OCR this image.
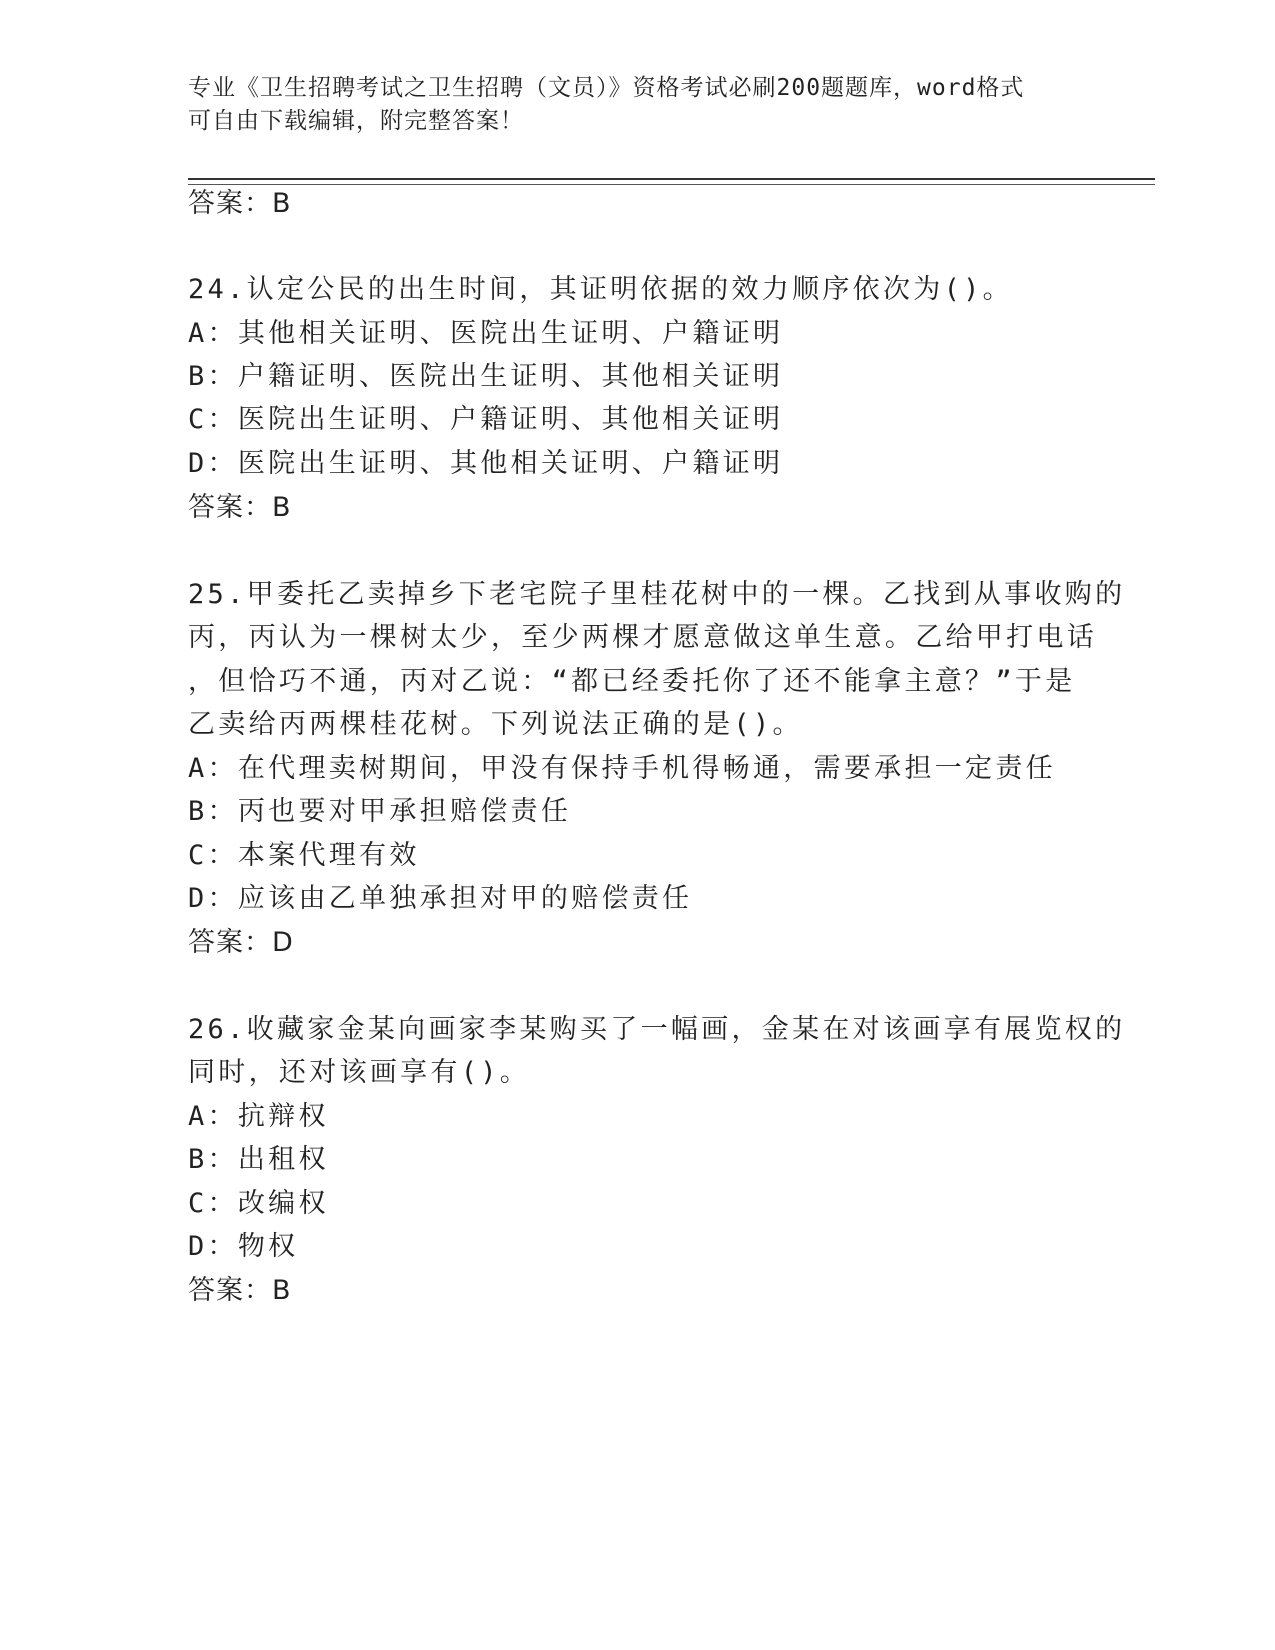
专业《卫生招聘考试之卫生招聘（文员）》资格考试必刷200题题库，word格式
可自由下载编辑，附完整答案！
答案：B
24.认定公民的出生时间，其证明依据的效力顺序依次为()。
A：其他相关证明、医院出生证明、户籍证明
B：户籍证明、医院出生证明、其他相关证明
C：医院出生证明、户籍证明、其他相关证明
D：医院出生证明、其他相关证明、户籍证明
答案：B
25.甲委托乙卖掉乡下老宅院子里桂花树中的一棵。乙找到从事收购的
丙，丙认为一棵树太少，至少两棵才愿意做这单生意。乙给甲打电话
，但恰巧不通，丙对乙说：“都已经委托你了还不能拿主意？”于是
乙卖给丙两棵桂花树。下列说法正确的是()。
A：在代理卖树期间，甲没有保持手机得畅通，需要承担一定责任
B：丙也要对甲承担赔偿责任
C：本案代理有效
D：应该由乙单独承担对甲的赔偿责任
答案：D
26.收藏家金某向画家李某购买了一幅画，金某在对该画享有展览权的
同时，还对该画享有()。
A：抗辩权
B：出租权
C：改编权
D：物权
答案：B
